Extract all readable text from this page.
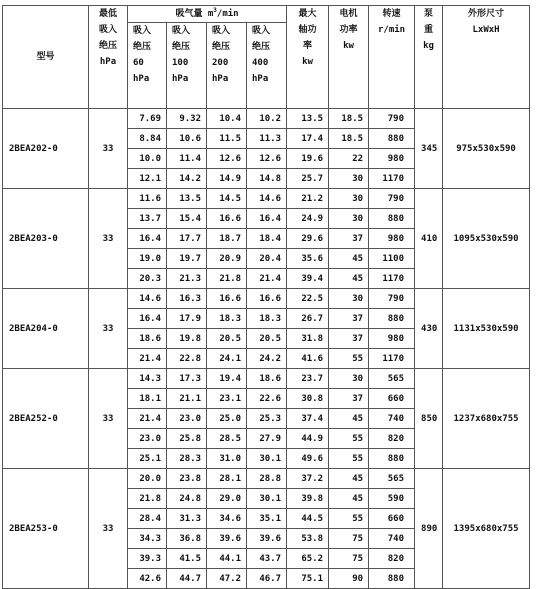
型号	最低
吸入
绝压
hPa	吸气量 $m^3/\min$				最大
轴功
率
kw	电机
功率
kw	转速
r/min	泵
重
kg	外形尺寸
LxWxH

		吸入
绝压
60
hPa	吸入
绝压
100
hPa	吸入
绝压
200
hPa	吸入
绝压
400
hPa					

2BEA202-0	33	7.69	9.32	10.4	10.2	13.5	18.5	790	345	975x530x590
		8.84	10.6	11.5	11.3	17.4	18.5	880		
		10.0	11.4	12.6	12.6	19.6	22	980		
		12.1	14.2	14.9	14.8	25.7	30	1170		
2BEA203-0	33	11.6	13.5	14.5	14.6	21.2	30	790	410	1095x530x590
		13.7	15.4	16.6	16.4	24.9	30	880		
		16.4	17.7	18.7	18.4	29.6	37	980		
		19.0	19.7	20.9	20.4	35.6	45	1100		
		20.3	21.3	21.8	21.4	39.4	45	1170		
2BEA204-0	33	14.6	16.3	16.6	16.6	22.5	30	790	430	1131x530x590
		16.4	17.9	18.3	18.3	26.7	37	880		
		18.6	19.8	20.5	20.5	31.8	37	980		
		21.4	22.8	24.1	24.2	41.6	55	1170		
2BEA252-0	33	14.3	17.3	19.4	18.6	23.7	30	565	850	1237x680x755
		18.1	21.1	23.1	22.6	30.8	37	660		
		21.4	23.0	25.0	25.3	37.4	45	740		
		23.0	25.8	28.5	27.9	44.9	55	820		
		25.1	28.3	31.0	30.1	49.6	55	880		
2BEA253-0	33	20.0	23.8	28.1	28.8	37.2	45	565	890	1395x680x755
		21.8	24.8	29.0	30.1	39.8	45	590		
		28.4	31.3	34.6	35.1	44.5	55	660		
		34.3	36.8	39.6	39.6	53.8	75	740		
		39.3	41.5	44.1	43.7	65.2	75	820		
		42.6	44.7	47.2	46.7	75.1	90	880		
